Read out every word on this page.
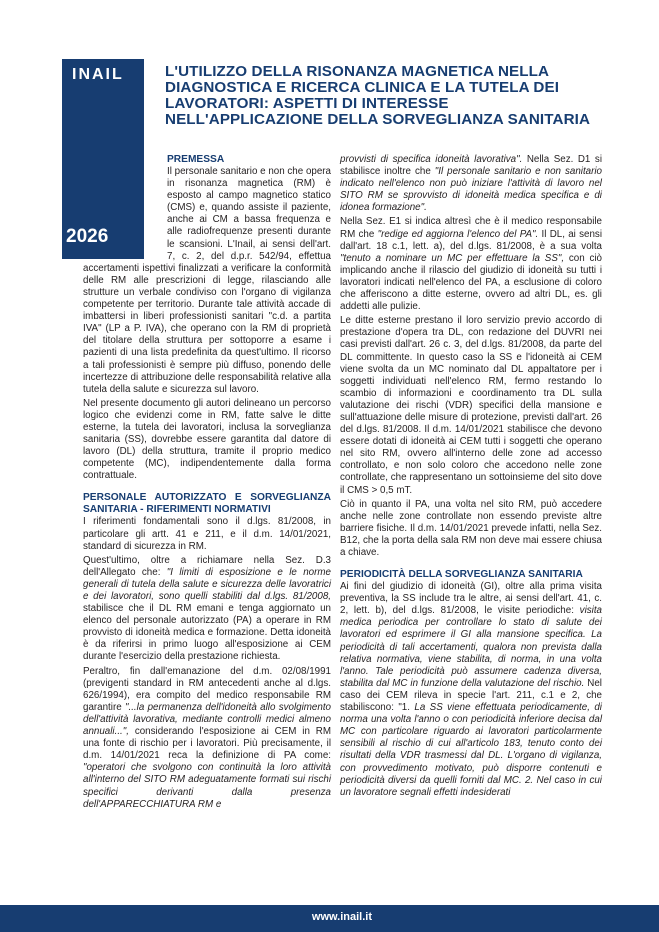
INAIL
2026
L'UTILIZZO DELLA RISONANZA MAGNETICA NELLA DIAGNOSTICA E RICERCA CLINICA E LA TUTELA DEI LAVORATORI: ASPETTI DI INTERESSE NELL'APPLICAZIONE DELLA SORVEGLIANZA SANITARIA
PREMESSA

Il personale sanitario e non che opera in risonanza magnetica (RM) è esposto al campo magnetico statico (CMS) e, quando assiste il paziente, anche ai CM a bassa frequenza e alle radiofrequenze presenti durante le scansioni. L'Inail, ai sensi dell'art. 7, c. 2, del d.p.r. 542/94, effettua accertamenti ispettivi finalizzati a verificare la conformità delle RM alle prescrizioni di legge, rilasciando alle strutture un verbale condiviso con l'organo di vigilanza competente per territorio. Durante tale attività accade di imbattersi in liberi professionisti sanitari "c.d. a partita IVA" (LP a P. IVA), che operano con la RM di proprietà del titolare della struttura per sottoporre a esame i pazienti di una lista predefinita da quest'ultimo. Il ricorso a tali professionisti è sempre più diffuso, ponendo delle incertezze di attribuzione delle responsabilità relative alla tutela della salute e sicurezza sul lavoro.

Nel presente documento gli autori delineano un percorso logico che evidenzi come in RM, fatte salve le ditte esterne, la tutela dei lavoratori, inclusa la sorveglianza sanitaria (SS), dovrebbe essere garantita dal datore di lavoro (DL) della struttura, tramite il proprio medico competente (MC), indipendentemente dalla forma contrattuale.

PERSONALE AUTORIZZATO E SORVEGLIANZA SANITARIA - RIFERIMENTI NORMATIVI

I riferimenti fondamentali sono il d.lgs. 81/2008, in particolare gli artt. 41 e 211, e il d.m. 14/01/2021, standard di sicurezza in RM.

Quest'ultimo, oltre a richiamare nella Sez. D.3 dell'Allegato che: "I limiti di esposizione e le norme generali di tutela della salute e sicurezza delle lavoratrici e dei lavoratori, sono quelli stabiliti dal d.lgs. 81/2008, stabilisce che il DL RM emani e tenga aggiornato un elenco del personale autorizzato (PA) a operare in RM provvisto di idoneità medica e formazione. Detta idoneità è da riferirsi in primo luogo all'esposizione ai CEM durante l'esercizio della prestazione richiesta.

Peraltro, fin dall'emanazione del d.m. 02/08/1991 (previgenti standard in RM antecedenti anche al d.lgs. 626/1994), era compito del medico responsabile RM garantire "...la permanenza dell'idoneità allo svolgimento dell'attività lavorativa, mediante controlli medici almeno annuali...", considerando l'esposizione ai CEM in RM una fonte di rischio per i lavoratori. Più precisamente, il d.m. 14/01/2021 reca la definizione di PA come: "operatori che svolgono con continuità la loro attività all'interno del SITO RM adeguatamente formati sui rischi specifici derivanti dalla presenza dell'APPARECCHIATURA RM e

provvisti di specifica idoneità lavorativa". Nella Sez. D1 si stabilisce inoltre che "Il personale sanitario e non sanitario indicato nell'elenco non può iniziare l'attività di lavoro nel SITO RM se sprovvisto di idoneità medica specifica e di idonea formazione".

Nella Sez. E1 si indica altresì che è il medico responsabile RM che "redige ed aggiorna l'elenco del PA". Il DL, ai sensi dall'art. 18 c.1, lett. a), del d.lgs. 81/2008, è a sua volta "tenuto a nominare un MC per effettuare la SS", con ciò implicando anche il rilascio del giudizio di idoneità su tutti i lavoratori indicati nell'elenco del PA, a esclusione di coloro che afferiscono a ditte esterne, ovvero ad altri DL, es. gli addetti alle pulizie.

Le ditte esterne prestano il loro servizio previo accordo di prestazione d'opera tra DL, con redazione del DUVRI nei casi previsti dall'art. 26 c. 3, del d.lgs. 81/2008, da parte del DL committente. In questo caso la SS e l'idoneità ai CEM viene svolta da un MC nominato dal DL appaltatore per i soggetti individuati nell'elenco RM, fermo restando lo scambio di informazioni e coordinamento tra DL sulla valutazione dei rischi (VDR) specifici della mansione e sull'attuazione delle misure di protezione, previsti dall'art. 26 del d.lgs. 81/2008. Il d.m. 14/01/2021 stabilisce che devono essere dotati di idoneità ai CEM tutti i soggetti che operano nel sito RM, ovvero all'interno delle zone ad accesso controllato, e non solo coloro che accedono nelle zone controllate, che rappresentano un sottoinsieme del sito dove il CMS > 0,5 mT.

Ciò in quanto il PA, una volta nel sito RM, può accedere anche nelle zone controllate non essendo previste altre barriere fisiche. Il d.m. 14/01/2021 prevede infatti, nella Sez. B12, che la porta della sala RM non deve mai essere chiusa a chiave.

PERIODICITÀ DELLA SORVEGLIANZA SANITARIA

Ai fini del giudizio di idoneità (GI), oltre alla prima visita preventiva, la SS include tra le altre, ai sensi dell'art. 41, c. 2, lett. b), del d.lgs. 81/2008, le visite periodiche: visita medica periodica per controllare lo stato di salute dei lavoratori ed esprimere il GI alla mansione specifica. La periodicità di tali accertamenti, qualora non prevista dalla relativa normativa, viene stabilita, di norma, in una volta l'anno. Tale periodicità può assumere cadenza diversa, stabilita dal MC in funzione della valutazione del rischio. Nel caso dei CEM rileva in specie l'art. 211, c.1 e 2, che stabiliscono: "1. La SS viene effettuata periodicamente, di norma una volta l'anno o con periodicità inferiore decisa dal MC con particolare riguardo ai lavoratori particolarmente sensibili al rischio di cui all'articolo 183, tenuto conto dei risultati della VDR trasmessi dal DL. L'organo di vigilanza, con provvedimento motivato, può disporre contenuti e periodicità diversi da quelli forniti dal MC. 2. Nel caso in cui un lavoratore segnali effetti indesiderati

www.inail.it
